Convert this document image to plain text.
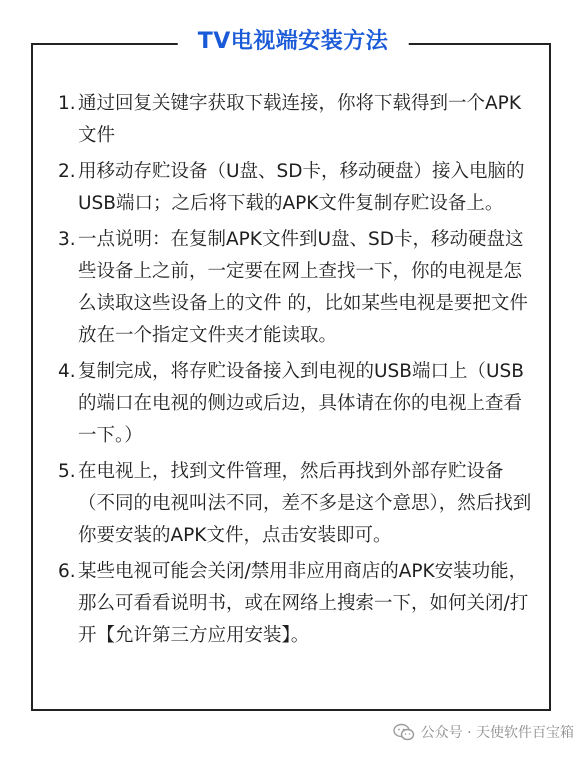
TV电视端安装方法
1. 通过回复关键字获取下载连接，你将下载得到一个APK文件
2. 用移动存贮设备（U盘、SD卡，移动硬盘）接入电脑的USB端口；之后将下载的APK文件复制存贮设备上。
3. 一点说明：在复制APK文件到U盘、SD卡，移动硬盘这些设备上之前，一定要在网上查找一下，你的电视是怎么读取这些设备上的文件 的，比如某些电视是要把文件放在一个指定文件夹才能读取。
4. 复制完成，将存贮设备接入到电视的USB端口上（USB的端口在电视的侧边或后边，具体请在你的电视上查看一下。）
5. 在电视上，找到文件管理，然后再找到外部存贮设备（不同的电视叫法不同，差不多是这个意思），然后找到你要安装的APK文件，点击安装即可。
6. 某些电视可能会关闭/禁用非应用商店的APK安装功能，那么可看看说明书，或在网络上搜索一下，如何关闭/打开【允许第三方应用安装】。
公众号 · 天使软件百宝箱
